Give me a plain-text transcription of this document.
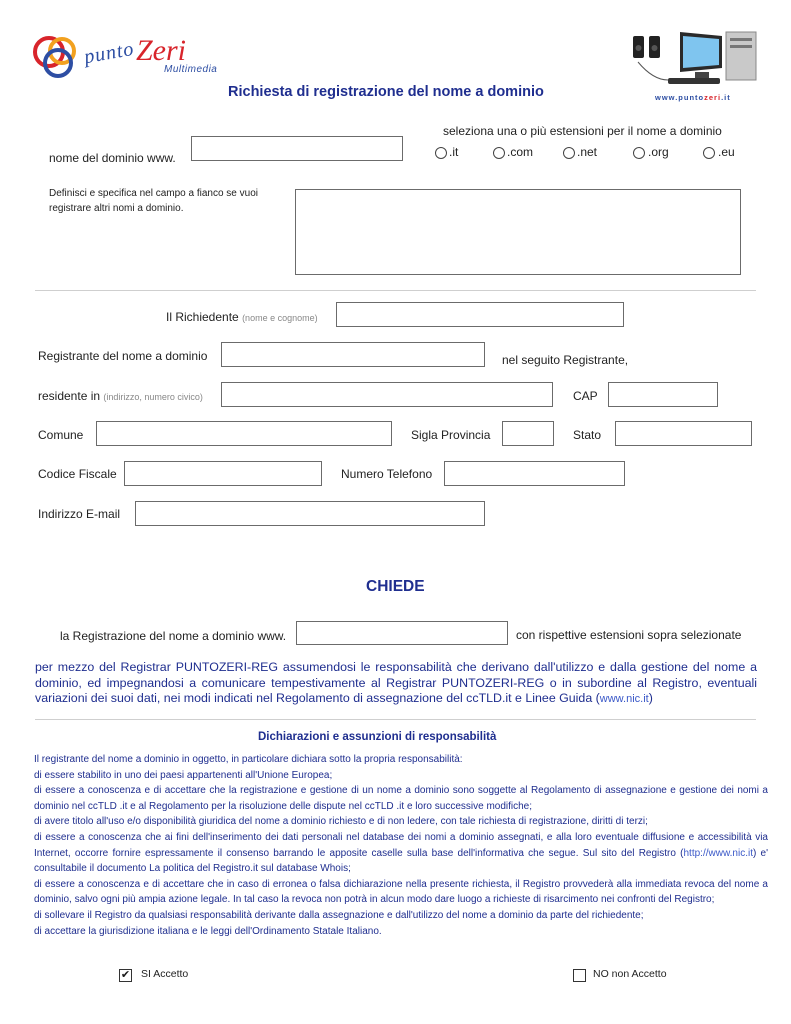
punto Zeri
Multimedia
Richiesta di registrazione del nome a dominio	www.puntozeri.it
nome del dominio www.
seleziona una o più estensioni per il nome a dominio
.it	.com	.net	.org	.eu
Definisci e specifica nel campo a fianco se vuoi registrare altri nomi a dominio.
Il Richiedente (nome e cognome)
Registrante del nome a dominio	nel seguito Registrante,
residente in (indirizzo, numero civico)	CAP
Comune	Sigla Provincia	Stato
Codice Fiscale	Numero Telefono
Indirizzo E-mail
CHIEDE
la Registrazione del nome a dominio www.	con rispettive estensioni sopra selezionate
per mezzo del Registrar PUNTOZERI-REG assumendosi le responsabilità che derivano dall'utilizzo e dalla gestione del nome a dominio, ed impegnandosi a comunicare tempestivamente al Registrar PUNTOZERI-REG o in subordine al Registro, eventuali variazioni dei suoi dati, nei modi indicati nel Regolamento di assegnazione del ccTLD.it e Linee Guida (www.nic.it)
Dichiarazioni e assunzioni di responsabilità

Il registrante del nome a dominio in oggetto, in particolare dichiara sotto la propria responsabilità:

di essere stabilito in uno dei paesi appartenenti all'Unione Europea;

di essere a conoscenza e di accettare che la registrazione e gestione di un nome a dominio sono soggette al Regolamento di assegnazione e gestione dei nomi a dominio nel ccTLD .it e al Regolamento per la risoluzione delle dispute nel ccTLD .it e loro successive modifiche;

di avere titolo all'uso e/o disponibilità giuridica del nome a dominio richiesto e di non ledere, con tale richiesta di registrazione, diritti di terzi;

di essere a conoscenza che ai fini dell'inserimento dei dati personali nel database dei nomi a dominio assegnati, e alla loro eventuale diffusione e accessibilità via Internet, occorre fornire espressamente il consenso barrando le apposite caselle sulla base dell'informativa che segue. Sul sito del Registro (http://www.nic.it) e' consultabile il documento La politica del Registro.it sul database Whois;

di essere a conoscenza e di accettare che in caso di erronea o falsa dichiarazione nella presente richiesta, il Registro provvederà alla immediata revoca del nome a dominio, salvo ogni più ampia azione legale. In tal caso la revoca non potrà in alcun modo dare luogo a richieste di risarcimento nei confronti del Registro;

di sollevare il Registro da qualsiasi responsabilità derivante dalla assegnazione e dall'utilizzo del nome a dominio da parte del richiedente;

di accettare la giurisdizione italiana e le leggi dell'Ordinamento Statale Italiano.

✔ SI Accetto	NO non Accetto
